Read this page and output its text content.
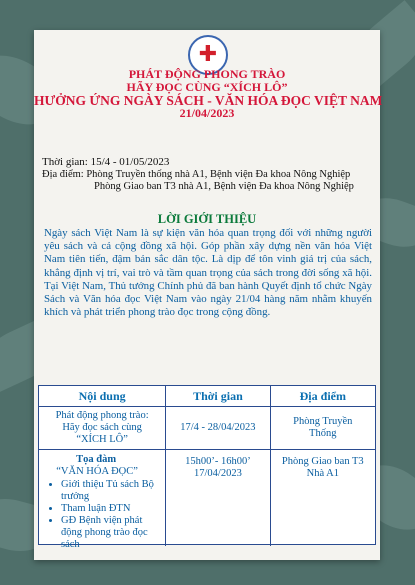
✚
PHÁT ĐỘNG PHONG TRÀO
HÃY ĐỌC CÙNG “XÍCH LÔ”
HƯỞNG ỨNG NGÀY SÁCH - VĂN HÓA ĐỌC VIỆT NAM
21/04/2023
Thời gian: 15/4 - 01/05/2023
Địa điểm: Phòng Truyền thống nhà A1, Bệnh viện Đa khoa Nông Nghiệp
Phòng Giao ban T3 nhà A1, Bệnh viện Đa khoa Nông Nghiệp
LỜI GIỚI THIỆU
Ngày sách Việt Nam là sự kiện văn hóa quan trọng đối với những người yêu sách và cả cộng đồng xã hội. Góp phần xây dựng nền văn hóa Việt Nam tiên tiến, đậm bản sắc dân tộc. Là dịp để tôn vinh giá trị của sách, khẳng định vị trí, vai trò và tầm quan trọng của sách trong đời sống xã hội. Tại Việt Nam, Thủ tướng Chính phủ đã ban hành Quyết định tổ chức Ngày Sách và Văn hóa đọc Việt Nam vào ngày 21/04 hàng năm nhằm khuyến khích và phát triển phong trào đọc trong cộng đồng.
Nội dung	Thời gian	Địa điểm
Phát động phong trào: Hãy đọc sách cùng “XÍCH LÔ”
17/4 - 28/04/2023
Phòng Truyền Thống
Tọa đàm
“VĂN HÓA ĐỌC”
• Giới thiệu Tủ sách Bộ trưởng
• Tham luận ĐTN
• GĐ Bệnh viện phát động phong trào đọc sách
15h00’- 16h00’ 17/04/2023
Phòng Giao ban T3 Nhà A1
